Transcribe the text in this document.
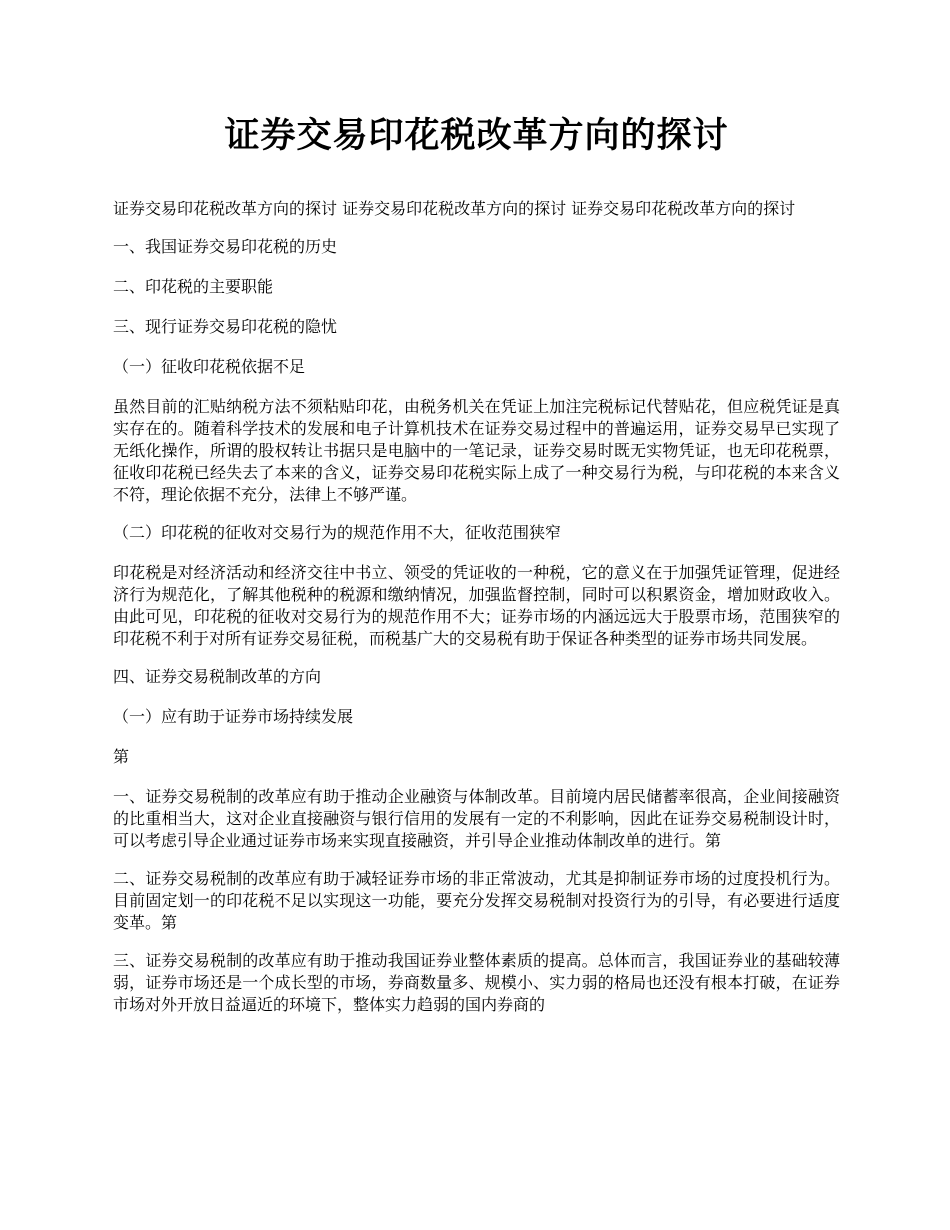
证券交易印花税改革方向的探讨

证券交易印花税改革方向的探讨 证券交易印花税改革方向的探讨 证券交易印花税改革方向的探讨

一、我国证券交易印花税的历史

二、印花税的主要职能

三、现行证券交易印花税的隐忧

（一）征收印花税依据不足

虽然目前的汇贴纳税方法不须粘贴印花，由税务机关在凭证上加注完税标记代替贴花，但应税凭证是真实存在的。随着科学技术的发展和电子计算机技术在证券交易过程中的普遍运用，证券交易早已实现了无纸化操作，所谓的股权转让书据只是电脑中的一笔记录，证券交易时既无实物凭证，也无印花税票，征收印花税已经失去了本来的含义，证券交易印花税实际上成了一种交易行为税，与印花税的本来含义不符，理论依据不充分，法律上不够严谨。

（二）印花税的征收对交易行为的规范作用不大，征收范围狭窄

印花税是对经济活动和经济交往中书立、领受的凭证收的一种税，它的意义在于加强凭证管理，促进经济行为规范化，了解其他税种的税源和缴纳情况，加强监督控制，同时可以积累资金，增加财政收入。由此可见，印花税的征收对交易行为的规范作用不大；证券市场的内涵远远大于股票市场，范围狭窄的印花税不利于对所有证券交易征税，而税基广大的交易税有助于保证各种类型的证券市场共同发展。

四、证券交易税制改革的方向

（一）应有助于证券市场持续发展

第

一、证券交易税制的改革应有助于推动企业融资与体制改革。目前境内居民储蓄率很高，企业间接融资的比重相当大，这对企业直接融资与银行信用的发展有一定的不利影响，因此在证券交易税制设计时，可以考虑引导企业通过证券市场来实现直接融资，并引导企业推动体制改单的进行。第

二、证券交易税制的改革应有助于减轻证券市场的非正常波动，尤其是抑制证券市场的过度投机行为。目前固定划一的印花税不足以实现这一功能，要充分发挥交易税制对投资行为的引导，有必要进行适度变革。第

三、证券交易税制的改革应有助于推动我国证券业整体素质的提高。总体而言，我国证券业的基础较薄弱，证券市场还是一个成长型的市场，券商数量多、规模小、实力弱的格局也还没有根本打破，在证券市场对外开放日益逼近的环境下，整体实力趋弱的国内券商的
